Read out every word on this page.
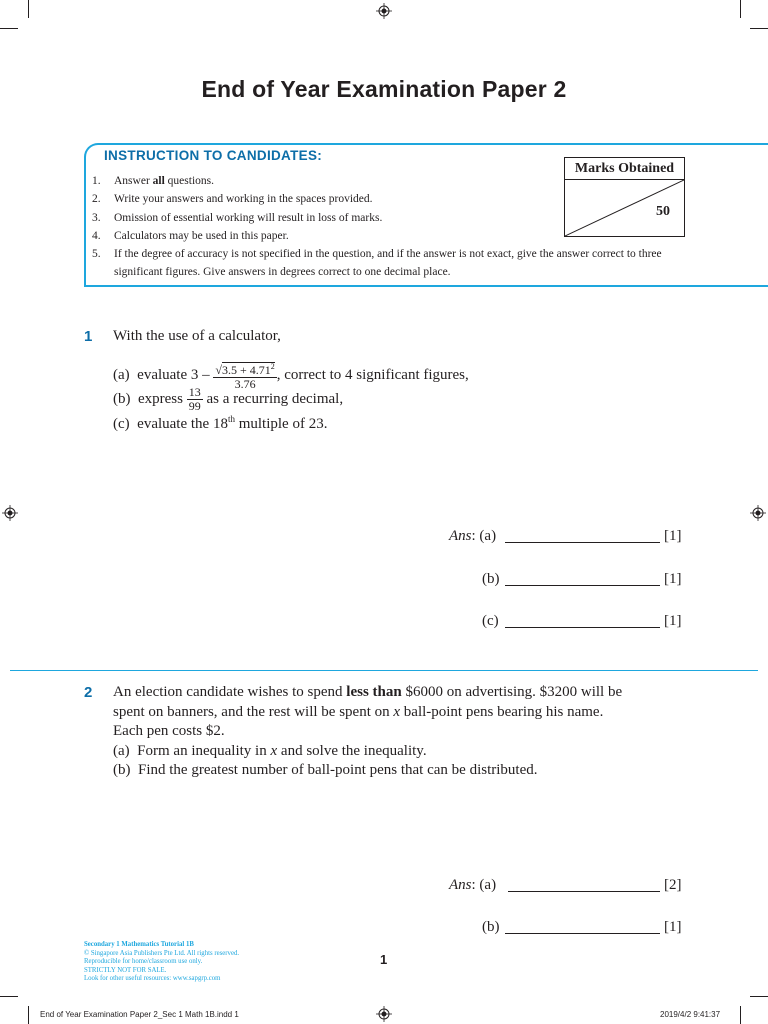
End of Year Examination Paper 2
INSTRUCTION TO CANDIDATES:
1.	Answer all questions.
2.	Write your answers and working in the spaces provided.
3.	Omission of essential working will result in loss of marks.
4.	Calculators may be used in this paper.
5.	If the degree of accuracy is not specified in the question, and if the answer is not exact, give the answer correct to three significant figures. Give answers in degrees correct to one decimal place.
Marks Obtained
50
1 With the use of a calculator,
(a) evaluate $3 - \frac{√3.5 + 4.71^2}{3.76}$ , correct to 4 significant figures,
(b) express $\frac{13}{99}$ as a recurring decimal,
(c) evaluate the 18th multiple of 23.
Ans: (a)	[1]
(b)	[1]
(c)	[1]
2 An election candidate wishes to spend less than $6000 on advertising. $3200 will be
spent on banners, and the rest will be spent on x ball-point pens bearing his name.
Each pen costs $2.
(a) Form an inequality in x and solve the inequality.
(b) Find the greatest number of ball-point pens that can be distributed.
Ans: (a)	[2]
(b)	[1]
Secondary 1 Mathematics Tutorial 1B
© Singapore Asia Publishers Pte Ltd. All rights reserved.
Reproducible for home/classroom use only.
STRICTLY NOT FOR SALE.
Look for other useful resources: www.sapgrp.com
1
End of Year Examination Paper 2_Sec 1 Math 1B.indd 1	2019/4/2 9:41:37
